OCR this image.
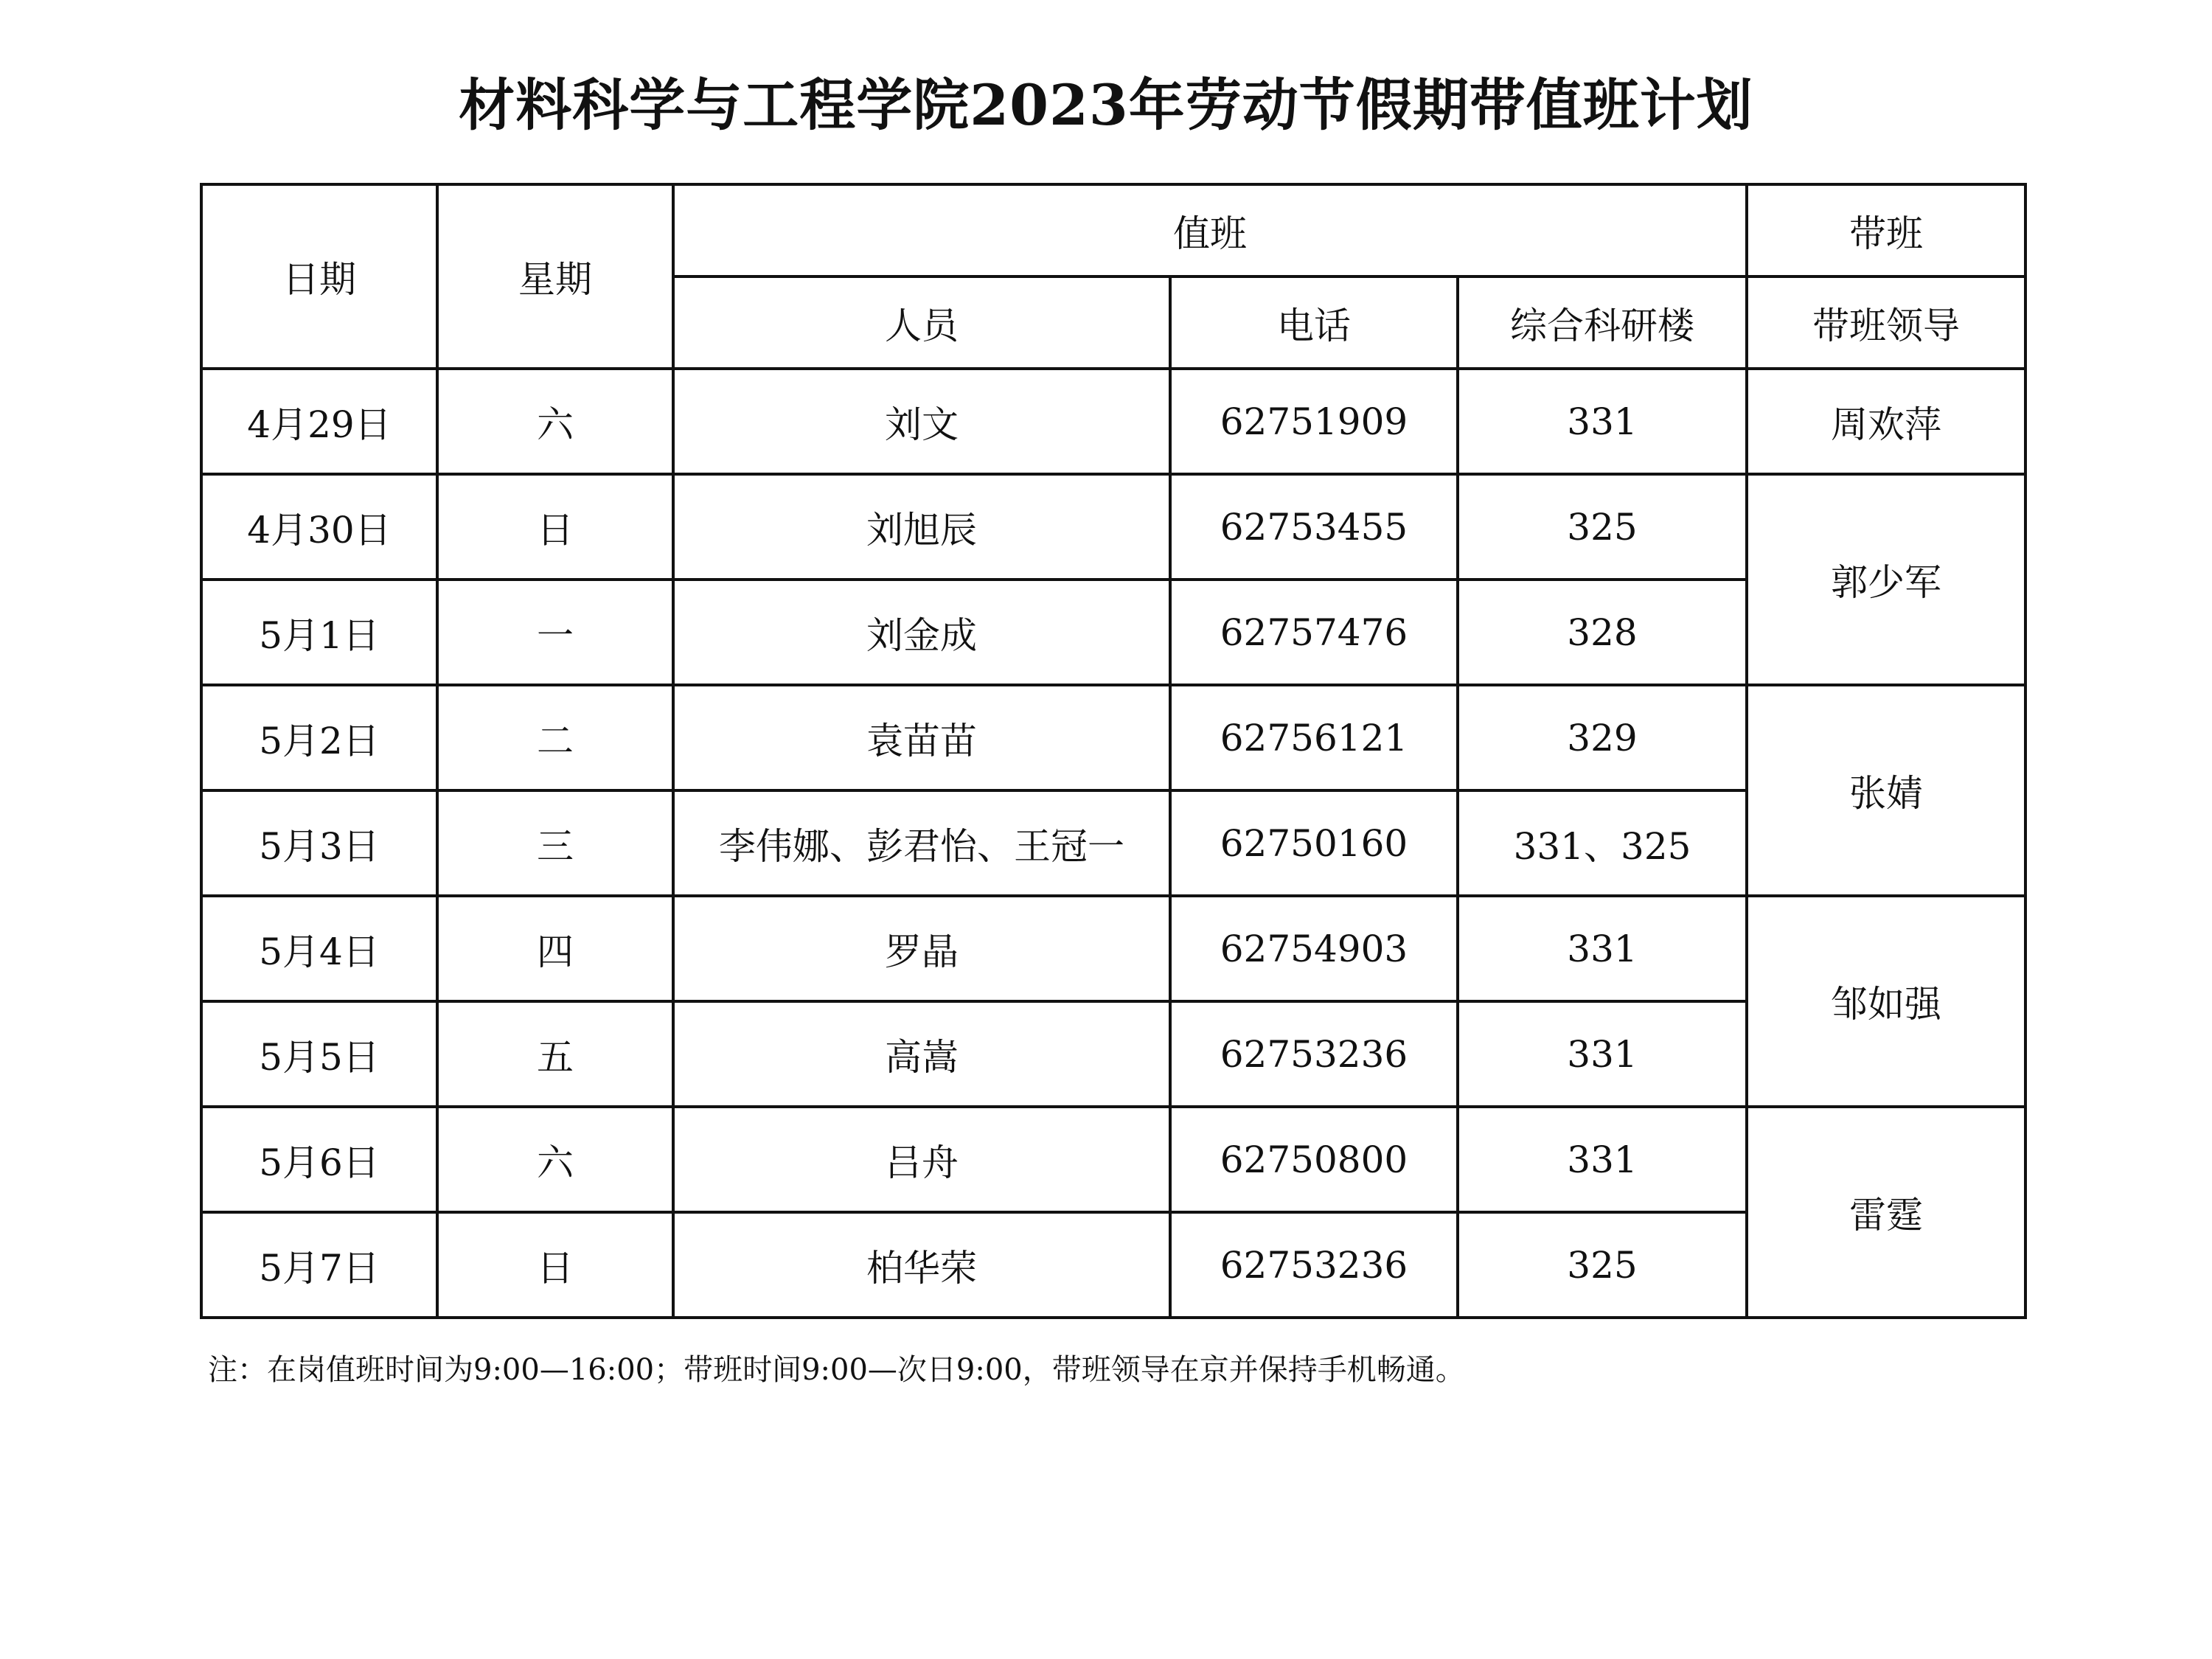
材料科学与工程学院2023年劳动节假期带值班计划
日期	星期	值班			带班
		人员	电话	综合科研楼	带班领导
4月29日	六	刘文	62751909	331	周欢萍
4月30日	日	刘旭辰	62753455	325	郭少军
5月1日	一	刘金成	62757476	328	
5月2日	二	袁苗苗	62756121	329	张婧
5月3日	三	李伟娜、彭君怡、王冠一	62750160	331、325	
5月4日	四	罗晶	62754903	331	邹如强
5月5日	五	高嵩	62753236	331	
5月6日	六	吕舟	62750800	331	雷霆
5月7日	日	柏华荣	62753236	325	
注：在岗值班时间为9:00—16:00；带班时间9:00—次日9:00，带班领导在京并保持手机畅通。
